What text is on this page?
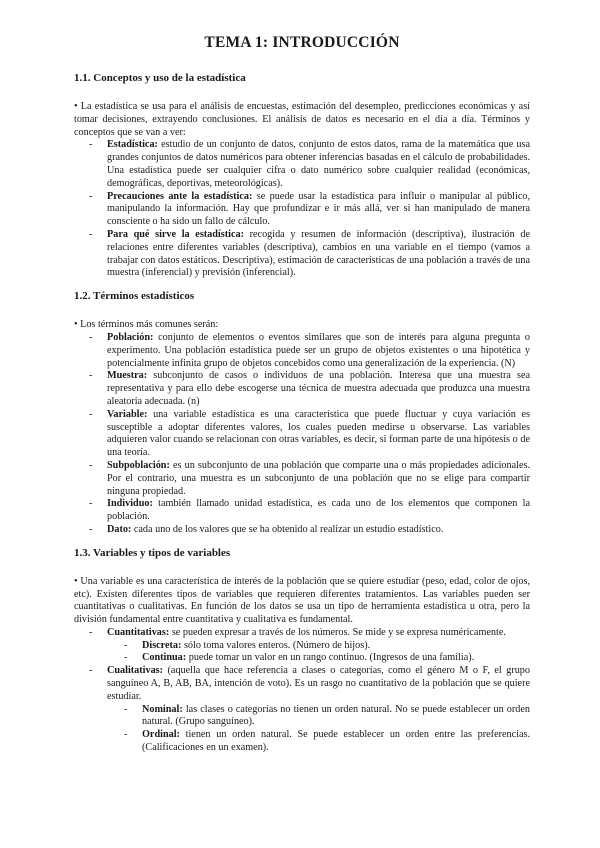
TEMA 1: INTRODUCCIÓN
1.1. Conceptos y uso de la estadística

• La estadística se usa para el análisis de encuestas, estimación del desempleo, predicciones económicas y así tomar decisiones, extrayendo conclusiones. El análisis de datos es necesario en el día a día. Términos y conceptos que se van a ver:

- Estadística: estudio de un conjunto de datos, conjunto de estos datos, rama de la matemática que usa grandes conjuntos de datos numéricos para obtener inferencias basadas en el cálculo de probabilidades. Una estadística puede ser cualquier cifra o dato numérico sobre cualquier realidad (económicas, demográficas, deportivas, meteorológicas).
- Precauciones ante la estadística: se puede usar la estadística para influir o manipular al público, manipulando la información. Hay que profundizar e ir más allá, ver si han manipulado de manera consciente o ha sido un fallo de cálculo.
- Para qué sirve la estadística: recogida y resumen de información (descriptiva), ilustración de relaciones entre diferentes variables (descriptiva), cambios en una variable en el tiempo (vamos a trabajar con datos estáticos. Descriptiva), estimación de características de una población a través de una muestra (inferencial) y previsión (inferencial).
1.2. Términos estadísticos

• Los términos más comunes serán:

- Población: conjunto de elementos o eventos similares que son de interés para alguna pregunta o experimento. Una población estadística puede ser un grupo de objetos existentes o una hipotética y potencialmente infinita grupo de objetos concebidos como una generalización de la experiencia. (N)
- Muestra: subconjunto de casos o individuos de una población. Interesa que una muestra sea representativa y para ello debe escogerse una técnica de muestra adecuada que produzca una muestra aleatoria adecuada. (n)
- Variable: una variable estadística es una característica que puede fluctuar y cuya variación es susceptible a adoptar diferentes valores, los cuales pueden medirse u observarse. Las variables adquieren valor cuando se relacionan con otras variables, es decir, si forman parte de una hipótesis o de una teoría.
- Subpoblación: es un subconjunto de una población que comparte una o más propiedades adicionales. Por el contrario, una muestra es un subconjunto de una población que no se elige para compartir ninguna propiedad.
- Individuo: también llamado unidad estadística, es cada uno de los elementos que componen la población.
- Dato: cada uno de los valores que se ha obtenido al realizar un estudio estadístico.
1.3. Variables y tipos de variables

• Una variable es una característica de interés de la población que se quiere estudiar (peso, edad, color de ojos, etc). Existen diferentes tipos de variables que requieren diferentes tratamientos. Las variables pueden ser cuantitativas o cualitativas. En función de los datos se usa un tipo de herramienta estadística u otra, pero la división fundamental entre cuantitativa y cualitativa es fundamental.

- Cuantitativas: se pueden expresar a través de los números. Se mide y se expresa numéricamente.
- Discreta: sólo toma valores enteros. (Número de hijos).
- Continua: puede tomar un valor en un rango continuo. (Ingresos de una familia).
- Cualitativas: (aquella que hace referencia a clases o categorías, como el género M o F, el grupo sanguíneo A, B, AB, BA, intención de voto). Es un rasgo no cuantitativo de la población que se quiere estudiar.
- Nominal: las clases o categorías no tienen un orden natural. No se puede establecer un orden natural. (Grupo sanguíneo).
- Ordinal: tienen un orden natural. Se puede establecer un orden entre las preferencias. (Calificaciones en un examen).
